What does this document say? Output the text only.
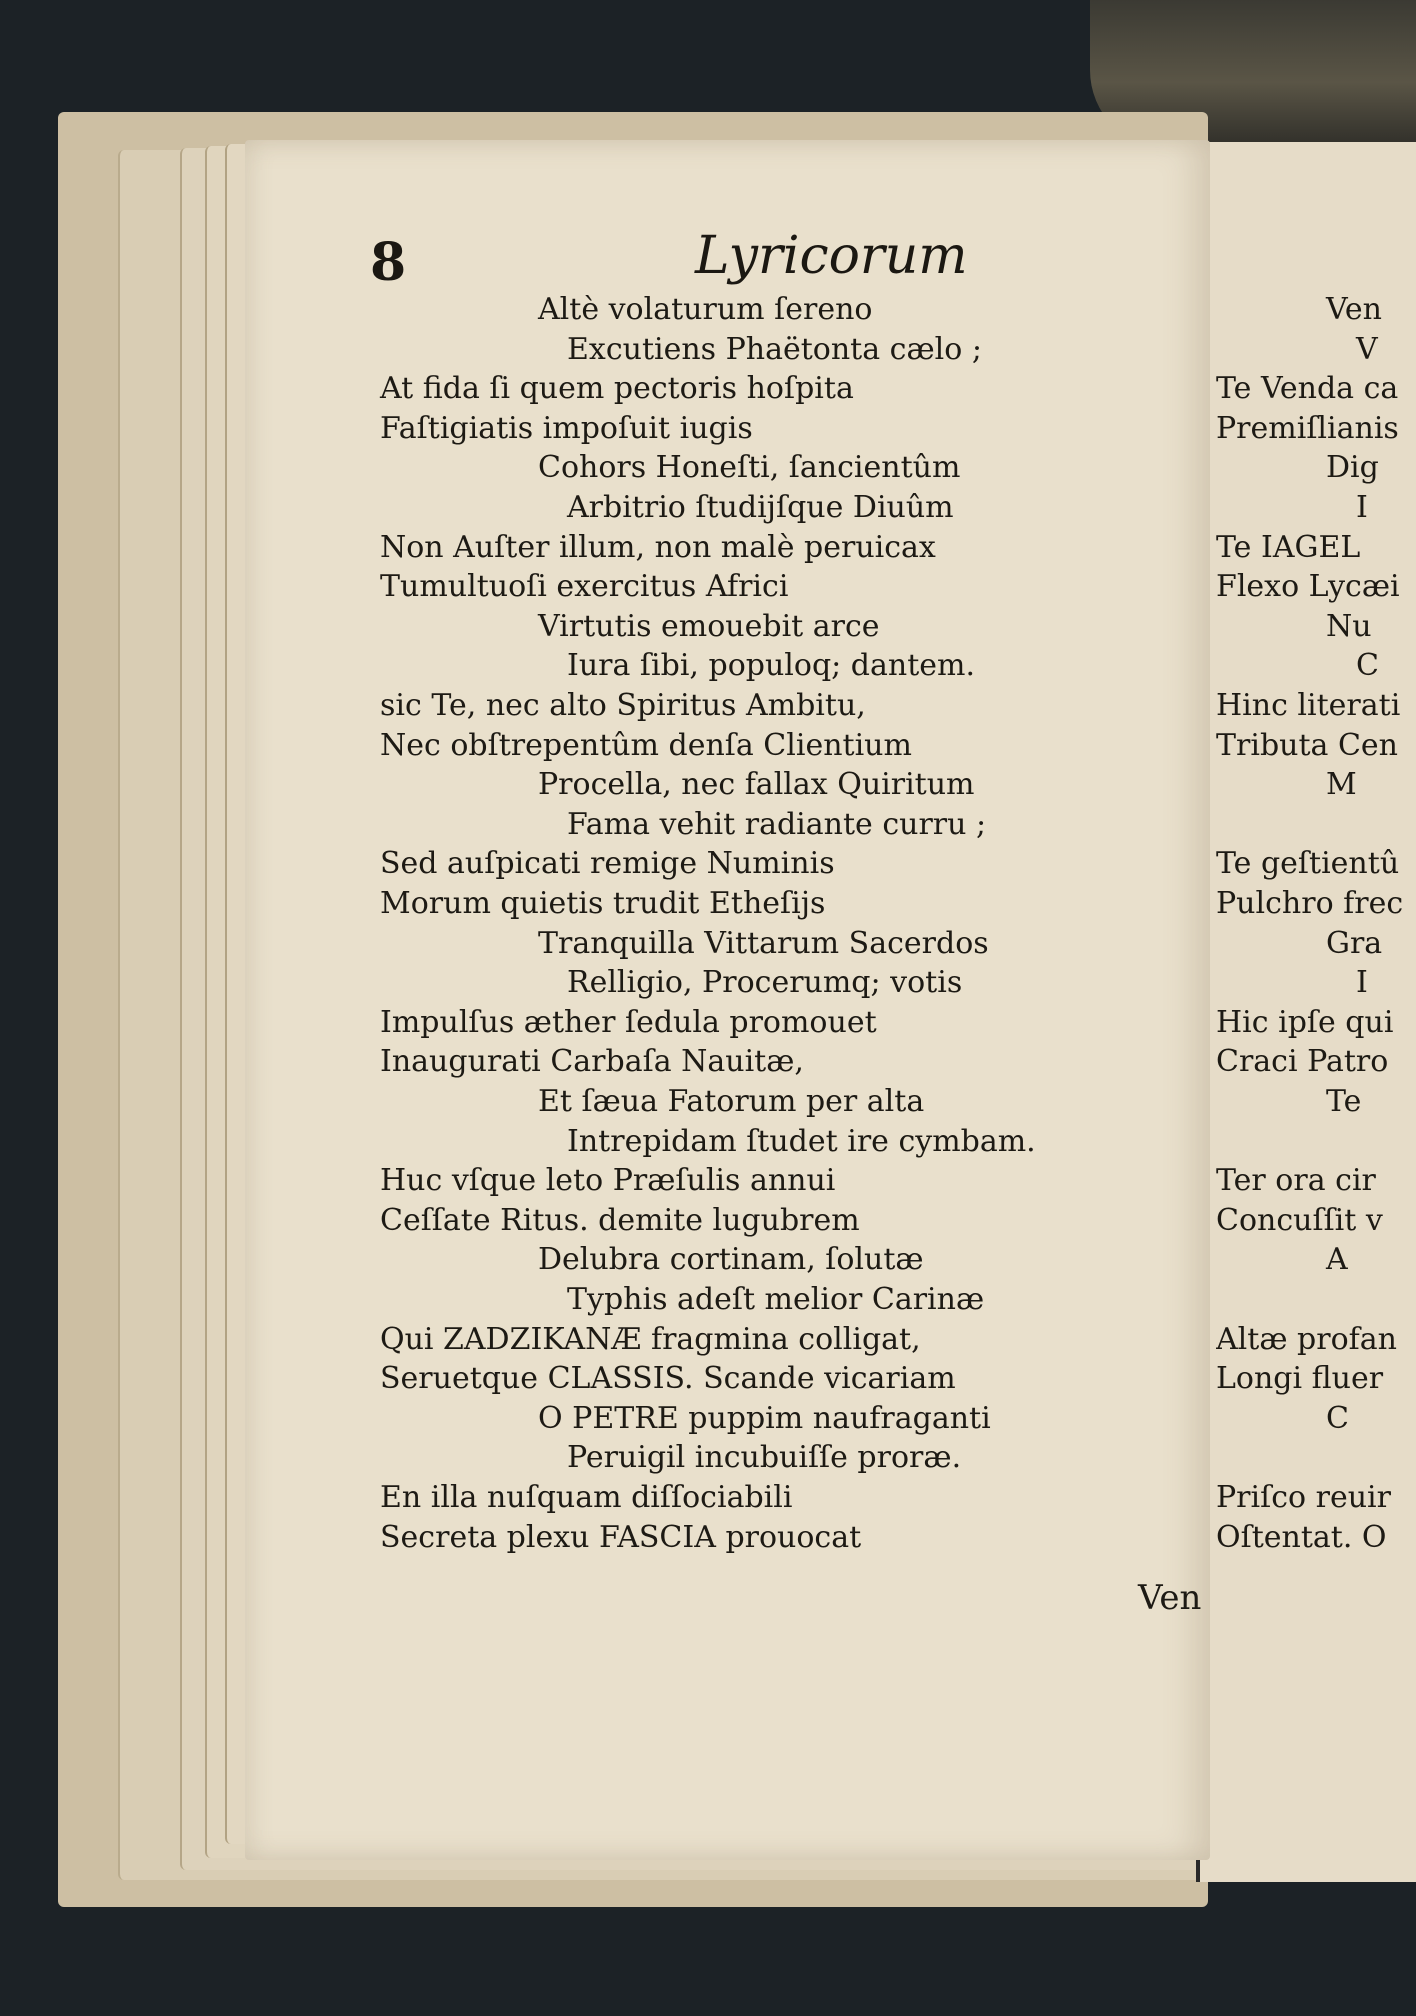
Ven
V
Te Venda ca
Premiſlianis
Dig
I
Te IAGEL
Flexo Lycæi
Nu
C
Hinc literati
Tributa Cen
M
Te geſtientû
Pulchro frec
Gra
I
Hic ipſe qui
Craci Patro
Te
Ter ora cir
Concuſſit v
A
Altæ profan
Longi fluer
C
Priſco reuir
Oſtentat. O
8	Lyricorum
Altè volaturum ſereno
Excutiens Phaëtonta cælo ;
At fida ſi quem pectoris hoſpita
Faſtigiatis impoſuit iugis
Cohors Honeſti, ſancientûm
Arbitrio ſtudijſque Diuûm
Non Auſter illum, non malè peruicax
Tumultuoſi exercitus Africi
Virtutis emouebit arce
Iura ſibi, populoq; dantem.
sic Te, nec alto Spiritus Ambitu,
Nec obſtrepentûm denſa Clientium
Procella, nec fallax Quiritum
Fama vehit radiante curru ;
Sed auſpicati remige Numinis
Morum quietis trudit Etheſijs
Tranquilla Vittarum Sacerdos
Relligio, Procerumq; votis
Impulſus æther ſedula promouet
Inaugurati Carbaſa Nauitæ,
Et ſæua Fatorum per alta
Intrepidam ſtudet ire cymbam.
Huc vſque leto Præſulis annui
Ceſſate Ritus. demite lugubrem
Delubra cortinam, ſolutæ
Typhis adeſt melior Carinæ
Qui ZADZIKANÆ fragmina colligat,
Seruetque CLASSIS. Scande vicariam
O PETRE puppim naufraganti
Peruigil incubuiſſe proræ.
En illa nuſquam diſſociabili
Secreta plexu FASCIA prouocat
Ven
